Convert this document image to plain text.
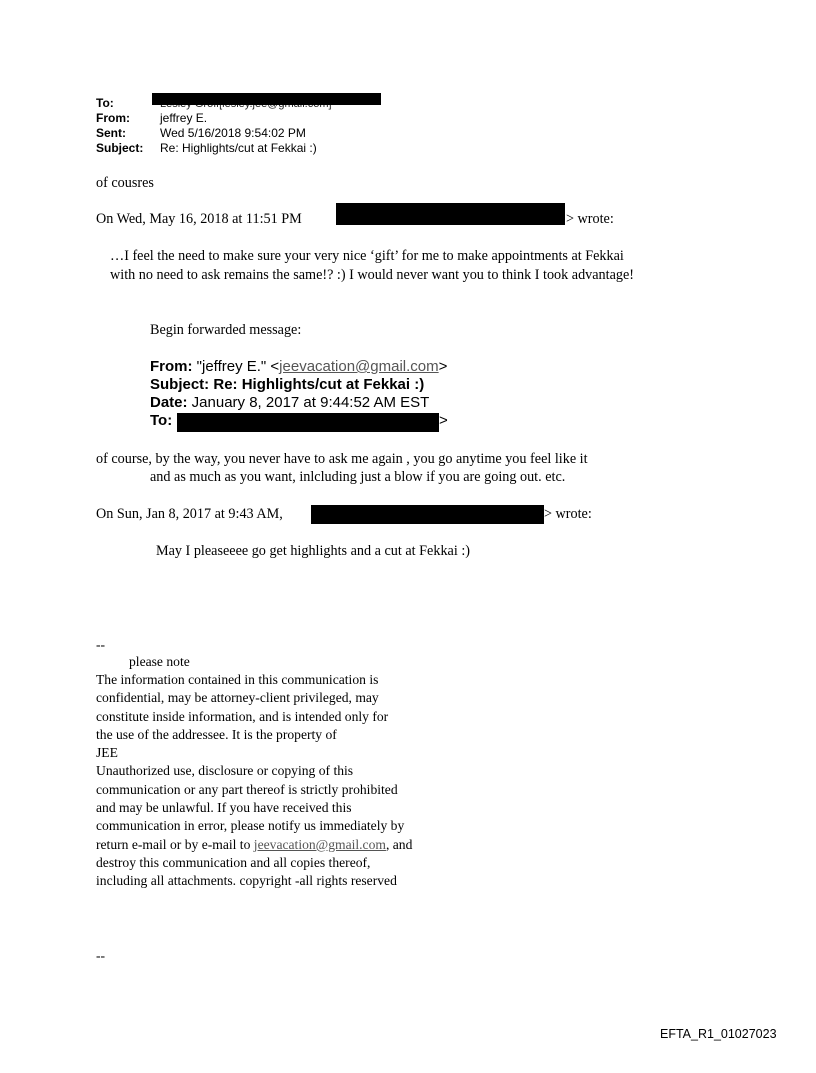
To:
From:	jeffrey E.
Sent:	Wed 5/16/2018 9:54:02 PM
Subject: Re: Highlights/cut at Fekkai :)
of cousres
On Wed, May 16, 2018 at 11:51 PM	> wrote:
…I feel the need to make sure your very nice ‘gift’ for me to make appointments at Fekkai
with no need to ask remains the same!? :) I would never want you to think I took advantage!
Begin forwarded message:
From: "jeffrey E." <jeevacation@gmail.com>
Subject: Re: Highlights/cut at Fekkai :)
Date: January 8, 2017 at 9:44:52 AM EST
To:	>
of course, by the way, you never have to ask me again , you go anytime you feel like it
and as much as you want, inlcluding just a blow if you are going out. etc.
On Sun, Jan 8, 2017 at 9:43 AM,	> wrote:
May I pleaseeee go get highlights and a cut at Fekkai :)
--
please note
The information contained in this communication is
confidential, may be attorney-client privileged, may
constitute inside information, and is intended only for
the use of the addressee. It is the property of
JEE
Unauthorized use, disclosure or copying of this
communication or any part thereof is strictly prohibited
and may be unlawful. If you have received this
communication in error, please notify us immediately by
return e-mail or by e-mail to jeevacation@gmail.com, and
destroy this communication and all copies thereof,
including all attachments. copyright -all rights reserved
--
EFTA_R1_01027023
